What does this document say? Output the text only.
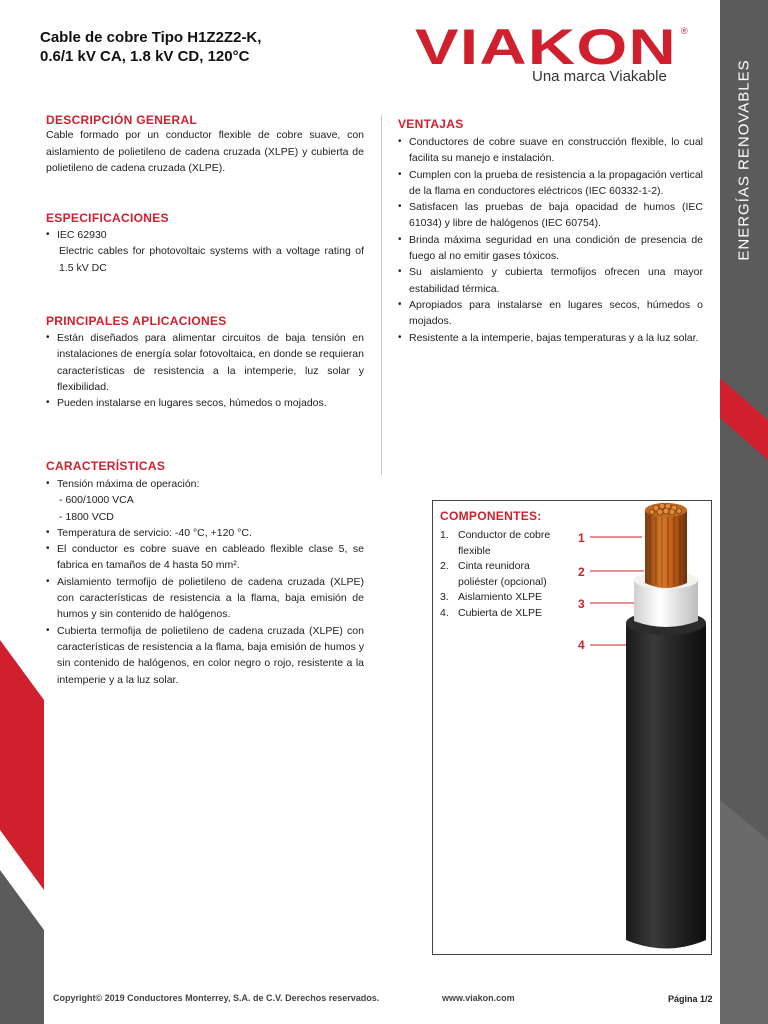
ENERGÍAS RENOVABLES
Cable de cobre Tipo H1Z2Z2-K,
0.6/1 kV CA, 1.8 kV CD, 120°C	VIAKON ®
Una marca Viakable
DESCRIPCIÓN GENERAL
Cable formado por un conductor flexible de cobre suave, con aislamiento de polietileno de cadena cruzada (XLPE) y cubierta de polietileno de cadena cruzada (XLPE).
ESPECIFICACIONES
• IEC 62930
Electric cables for photovoltaic systems with a voltage rating of 1.5 kV DC
PRINCIPALES APLICACIONES
• Están diseñados para alimentar circuitos de baja tensión en instalaciones de energía solar fotovoltaica, en donde se requieran características de resistencia a la intemperie, luz solar y flexibilidad.
• Pueden instalarse en lugares secos, húmedos o mojados.
CARACTERÍSTICAS
• Tensión máxima de operación:
- 600/1000 VCA
- 1800 VCD
• Temperatura de servicio: -40 °C, +120 °C.
• El conductor es cobre suave en cableado flexible clase 5, se fabrica en tamaños de 4 hasta 50 mm².
• Aislamiento termofijo de polietileno de cadena cruzada (XLPE) con características de resistencia a la flama, baja emisión de humos y sin contenido de halógenos.
• Cubierta termofija de polietileno de cadena cruzada (XLPE) con características de resistencia a la flama, baja emisión de humos y sin contenido de halógenos, en color negro o rojo, resistente a la intemperie y a la luz solar.
VENTAJAS
• Conductores de cobre suave en construcción flexible, lo cual facilita su manejo e instalación.
• Cumplen con la prueba de resistencia a la propagación vertical de la flama en conductores eléctricos (IEC 60332-1-2).
• Satisfacen las pruebas de baja opacidad de humos (IEC 61034) y libre de halógenos (IEC 60754).
• Brinda máxima seguridad en una condición de presencia de fuego al no emitir gases tóxicos.
• Su aislamiento y cubierta termofijos ofrecen una mayor estabilidad térmica.
• Apropiados para instalarse en lugares secos, húmedos o mojados.
• Resistente a la intemperie, bajas temperaturas y a la luz solar.
COMPONENTES:
1. Conductor de cobre flexible
2. Cinta reunidora poliéster (opcional)
3. Aislamiento XLPE
4. Cubierta de XLPE
1
2
3
4
Copyright© 2019 Conductores Monterrey, S.A. de C.V. Derechos reservados.	www.viakon.com	Página 1/2
